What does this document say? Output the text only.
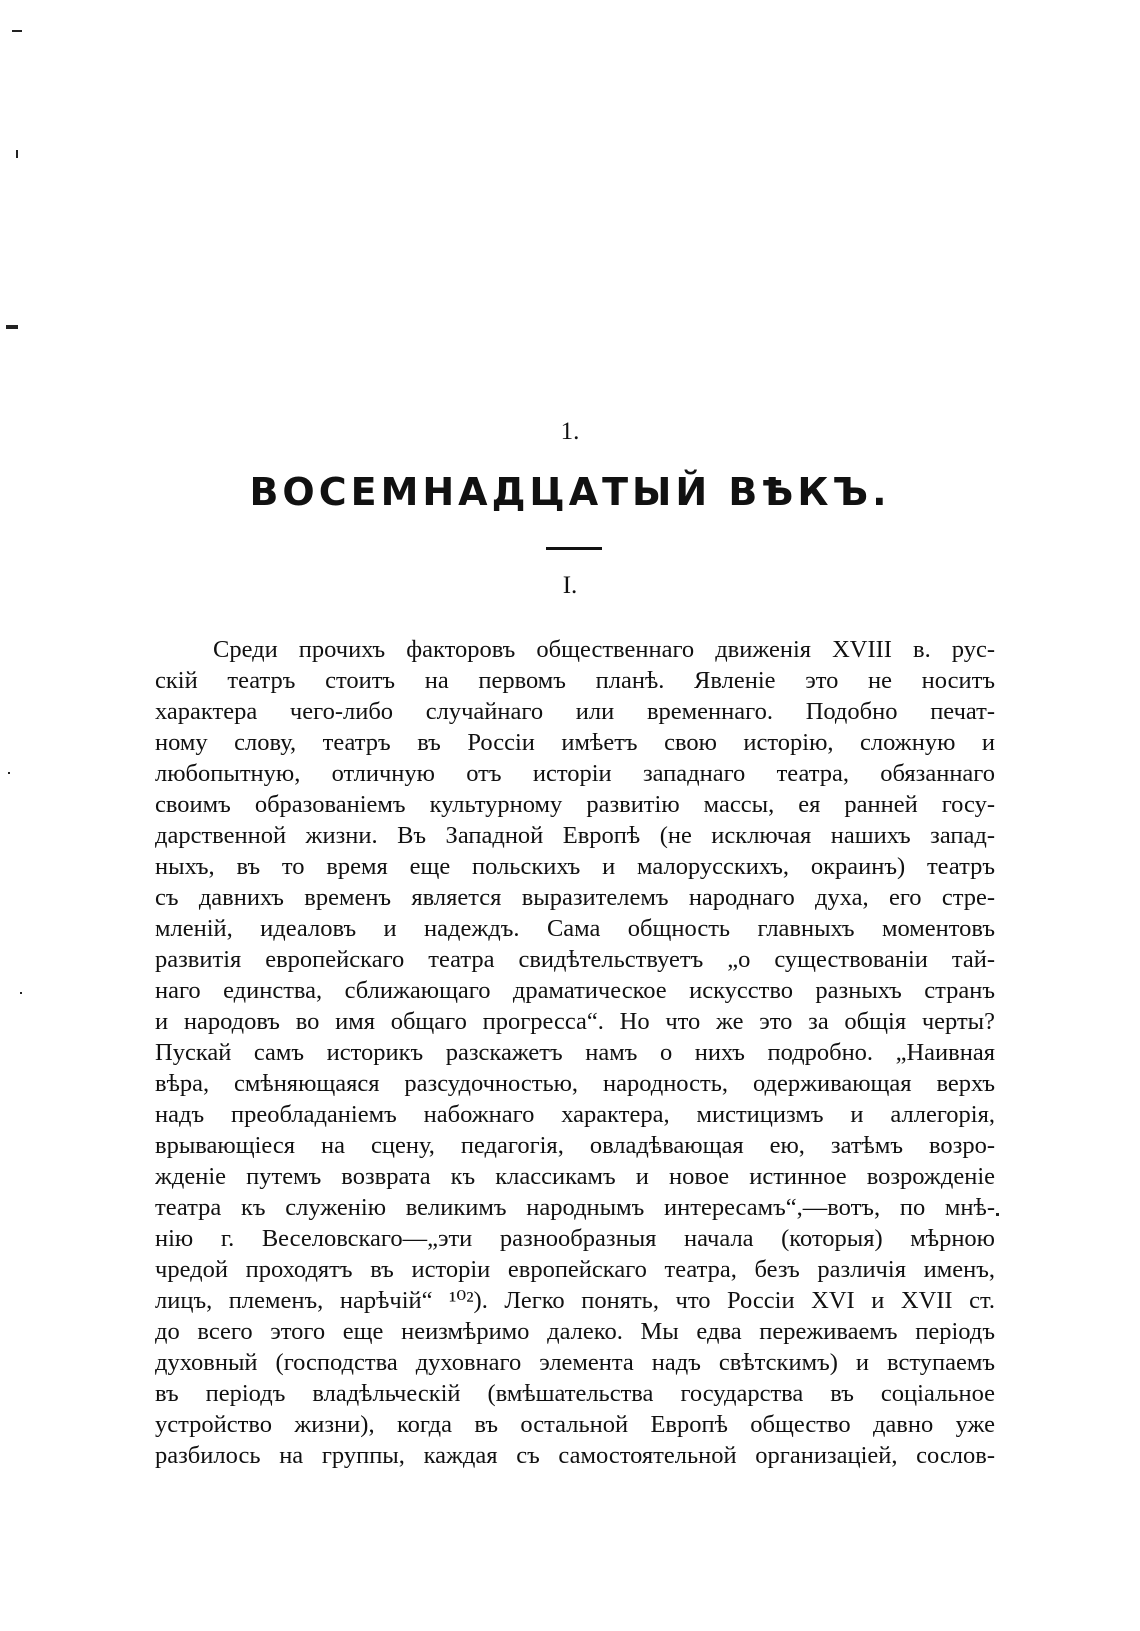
1.
ВОСЕМНАДЦАТЫЙ ВѢКЪ.
I.
Среди прочихъ факторовъ общественнаго движенія XVIII в. рус-
скій театръ стоитъ на первомъ планѣ. Явленіе это не носитъ
характера чего-либо случайнаго или временнаго. Подобно печат-
ному слову, театръ въ Россіи имѣетъ свою исторію, сложную и
любопытную, отличную отъ исторіи западнаго театра, обязаннаго
своимъ образованіемъ культурному развитію массы, ея ранней госу-
дарственной жизни. Въ Западной Европѣ (не исключая нашихъ запад-
ныхъ, въ то время еще польскихъ и малорусскихъ, окраинъ) театръ
съ давнихъ временъ является выразителемъ народнаго духа, его стре-
мленій, идеаловъ и надеждъ. Сама общность главныхъ моментовъ
развитія европейскаго театра свидѣтельствуетъ „о существованіи тай-
наго единства, сближающаго драматическое искусство разныхъ странъ
и народовъ во имя общаго прогресса“. Но что же это за общія черты?
Пускай самъ историкъ разскажетъ намъ о нихъ подробно. „Наивная
вѣра, смѣняющаяся разсудочностью, народность, одерживающая верхъ
надъ преобладаніемъ набожнаго характера, мистицизмъ и аллегорія,
врывающіеся на сцену, педагогія, овладѣвающая ею, затѣмъ возро-
жденіе путемъ возврата къ классикамъ и новое истинное возрожденіе
театра къ служенію великимъ народнымъ интересамъ“,—вотъ, по мнѣ-
нію г. Веселовскаго—„эти разнообразныя начала (которыя) мѣрною
чредой проходятъ въ исторіи европейскаго театра, безъ различія именъ,
лицъ, племенъ, нарѣчій“ ¹⁰²). Легко понять, что Россіи XVI и XVII ст.
до всего этого еще неизмѣримо далеко. Мы едва переживаемъ періодъ
духовный (господства духовнаго элемента надъ свѣтскимъ) и вступаемъ
въ періодъ владѣльческій (вмѣшательства государства въ соціальное
устройство жизни), когда въ остальной Европѣ общество давно уже
разбилось на группы, каждая съ самостоятельной организаціей, сослов-
